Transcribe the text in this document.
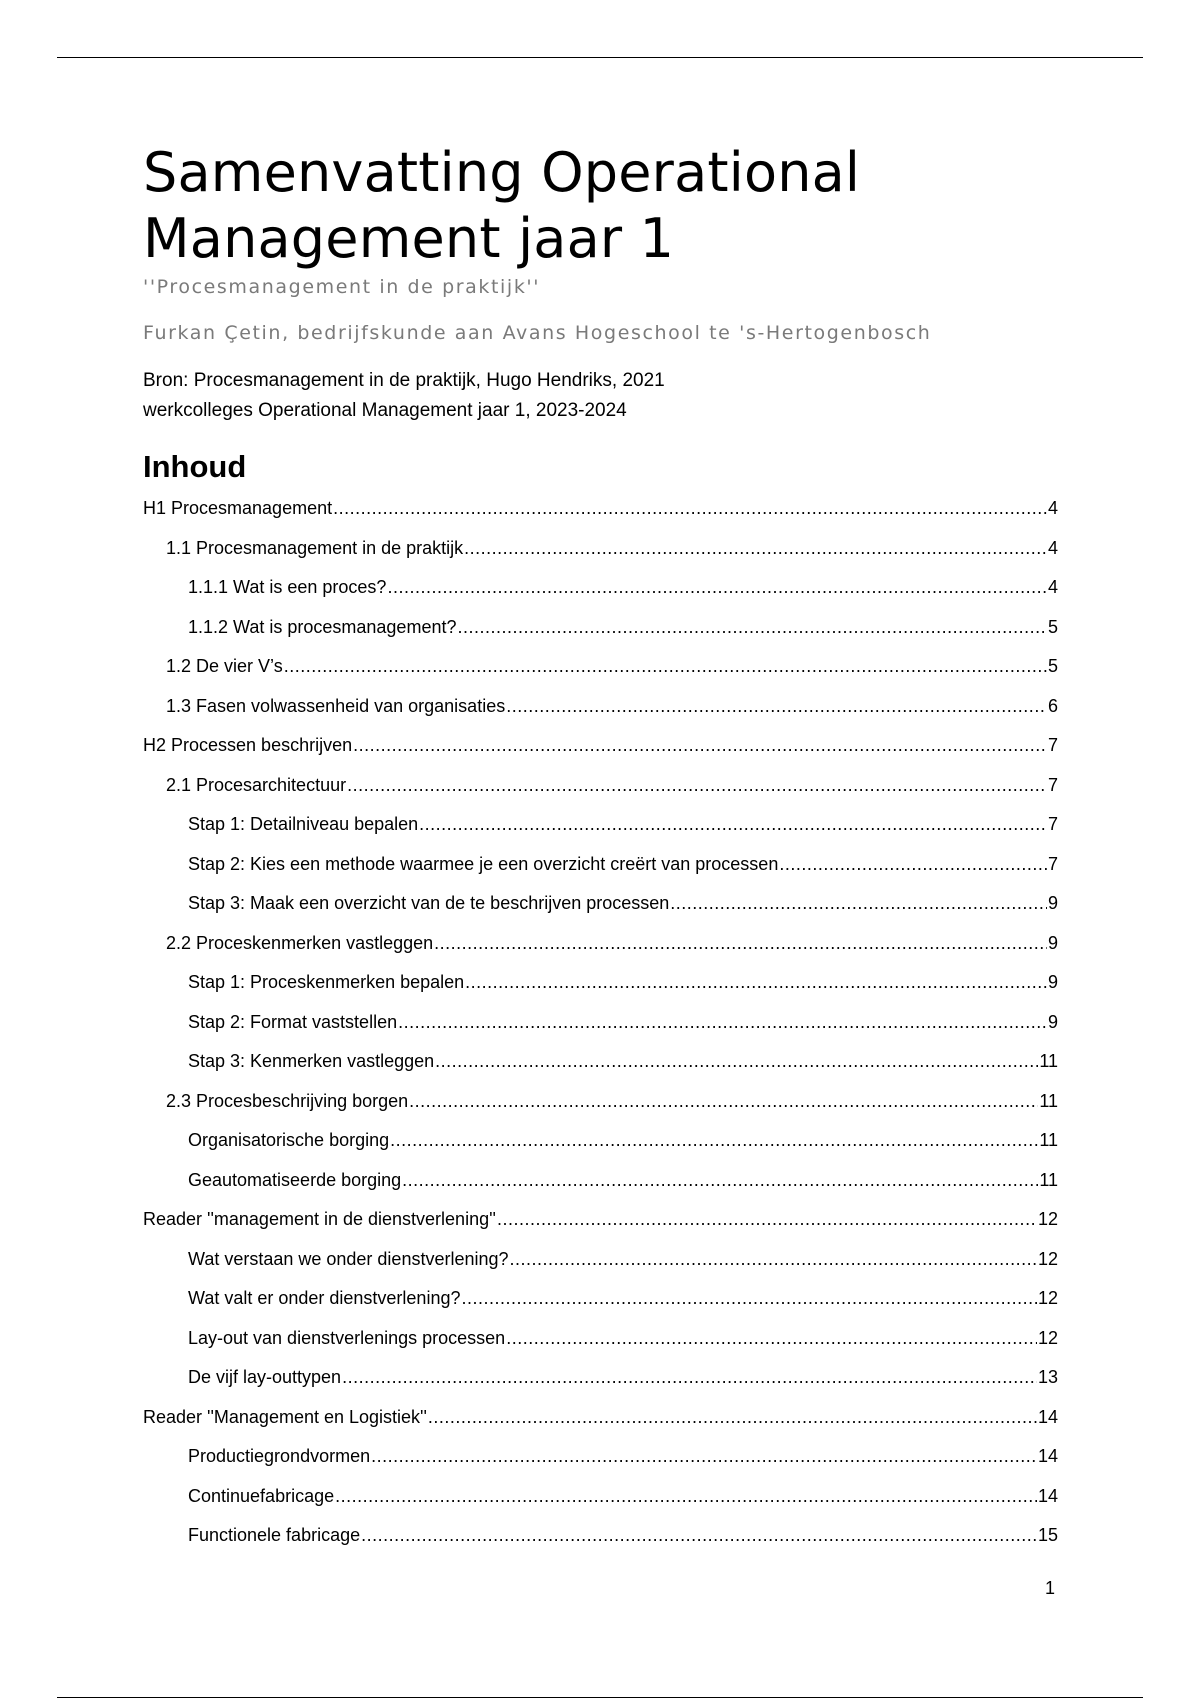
Samenvatting Operational
Management jaar 1
''Procesmanagement in de praktijk''
Furkan Çetin, bedrijfskunde aan Avans Hogeschool te 's-Hertogenbosch
Bron: Procesmanagement in de praktijk, Hugo Hendriks, 2021
werkcolleges Operational Management jaar 1, 2023-2024
Inhoud
H1 Procesmanagement .....	4
1.1 Procesmanagement in de praktijk .....	4
1.1.1 Wat is een proces? .....	4
1.1.2 Wat is procesmanagement? .....	5
1.2 De vier V’s .....	5
1.3 Fasen volwassenheid van organisaties .....	6
H2 Processen beschrijven .....	7
2.1 Procesarchitectuur .....	7
Stap 1: Detailniveau bepalen .....	7
Stap 2: Kies een methode waarmee je een overzicht creërt van processen .....	7
Stap 3: Maak een overzicht van de te beschrijven processen .....	9
2.2 Proceskenmerken vastleggen .....	9
Stap 1: Proceskenmerken bepalen .....	9
Stap 2: Format vaststellen .....	9
Stap 3: Kenmerken vastleggen .....	11
2.3 Procesbeschrijving borgen .....	11
Organisatorische borging .....	11
Geautomatiseerde borging .....	11
Reader ''management in de dienstverlening'' .....	12
Wat verstaan we onder dienstverlening? .....	12
Wat valt er onder dienstverlening? .....	12
Lay-out van dienstverlenings processen .....	12
De vijf lay-outtypen .....	13
Reader ''Management en Logistiek'' .....	14
Productiegrondvormen .....	14
Continuefabricage .....	14
Functionele fabricage .....	15
1
